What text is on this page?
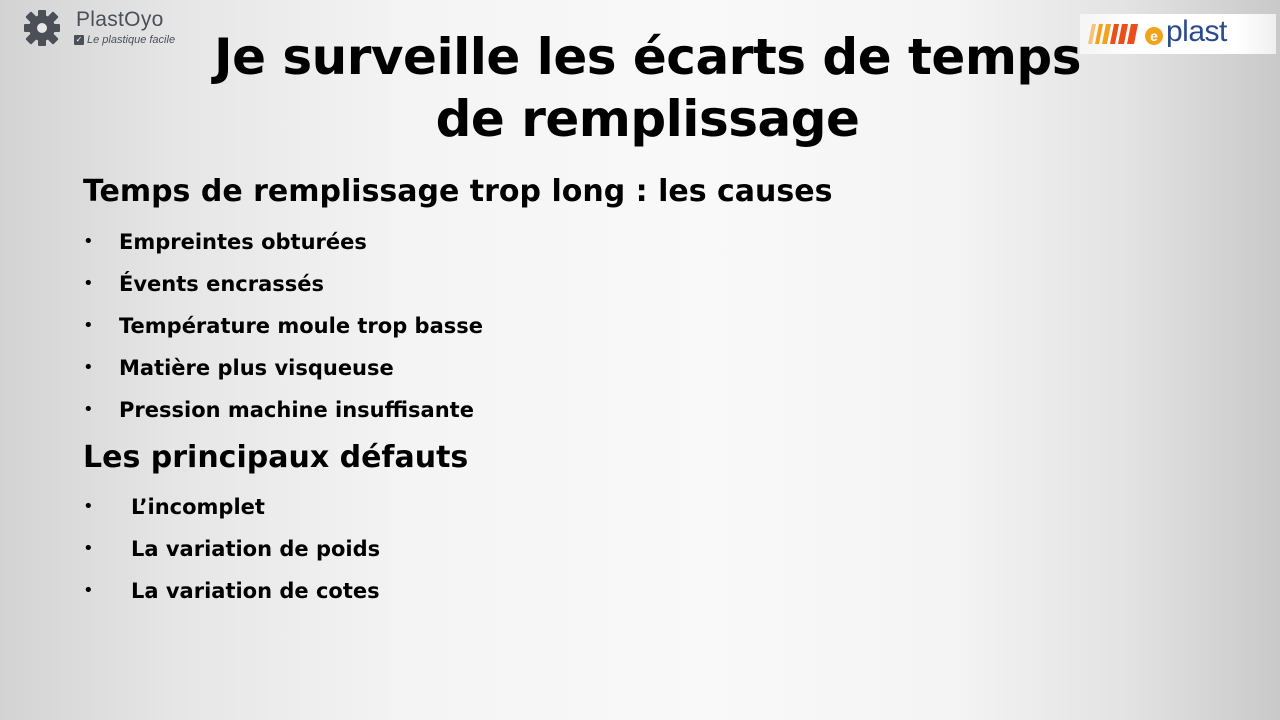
PlastOyo
✓ Le plastique facile	e plast
Je surveille les écarts de temps de remplissage
Temps de remplissage trop long : les causes
• Empreintes obturées
• Évents encrassés
• Température moule trop basse
• Matière plus visqueuse
• Pression machine insuffisante
Les principaux défauts
• L’incomplet
• La variation de poids
• La variation de cotes
